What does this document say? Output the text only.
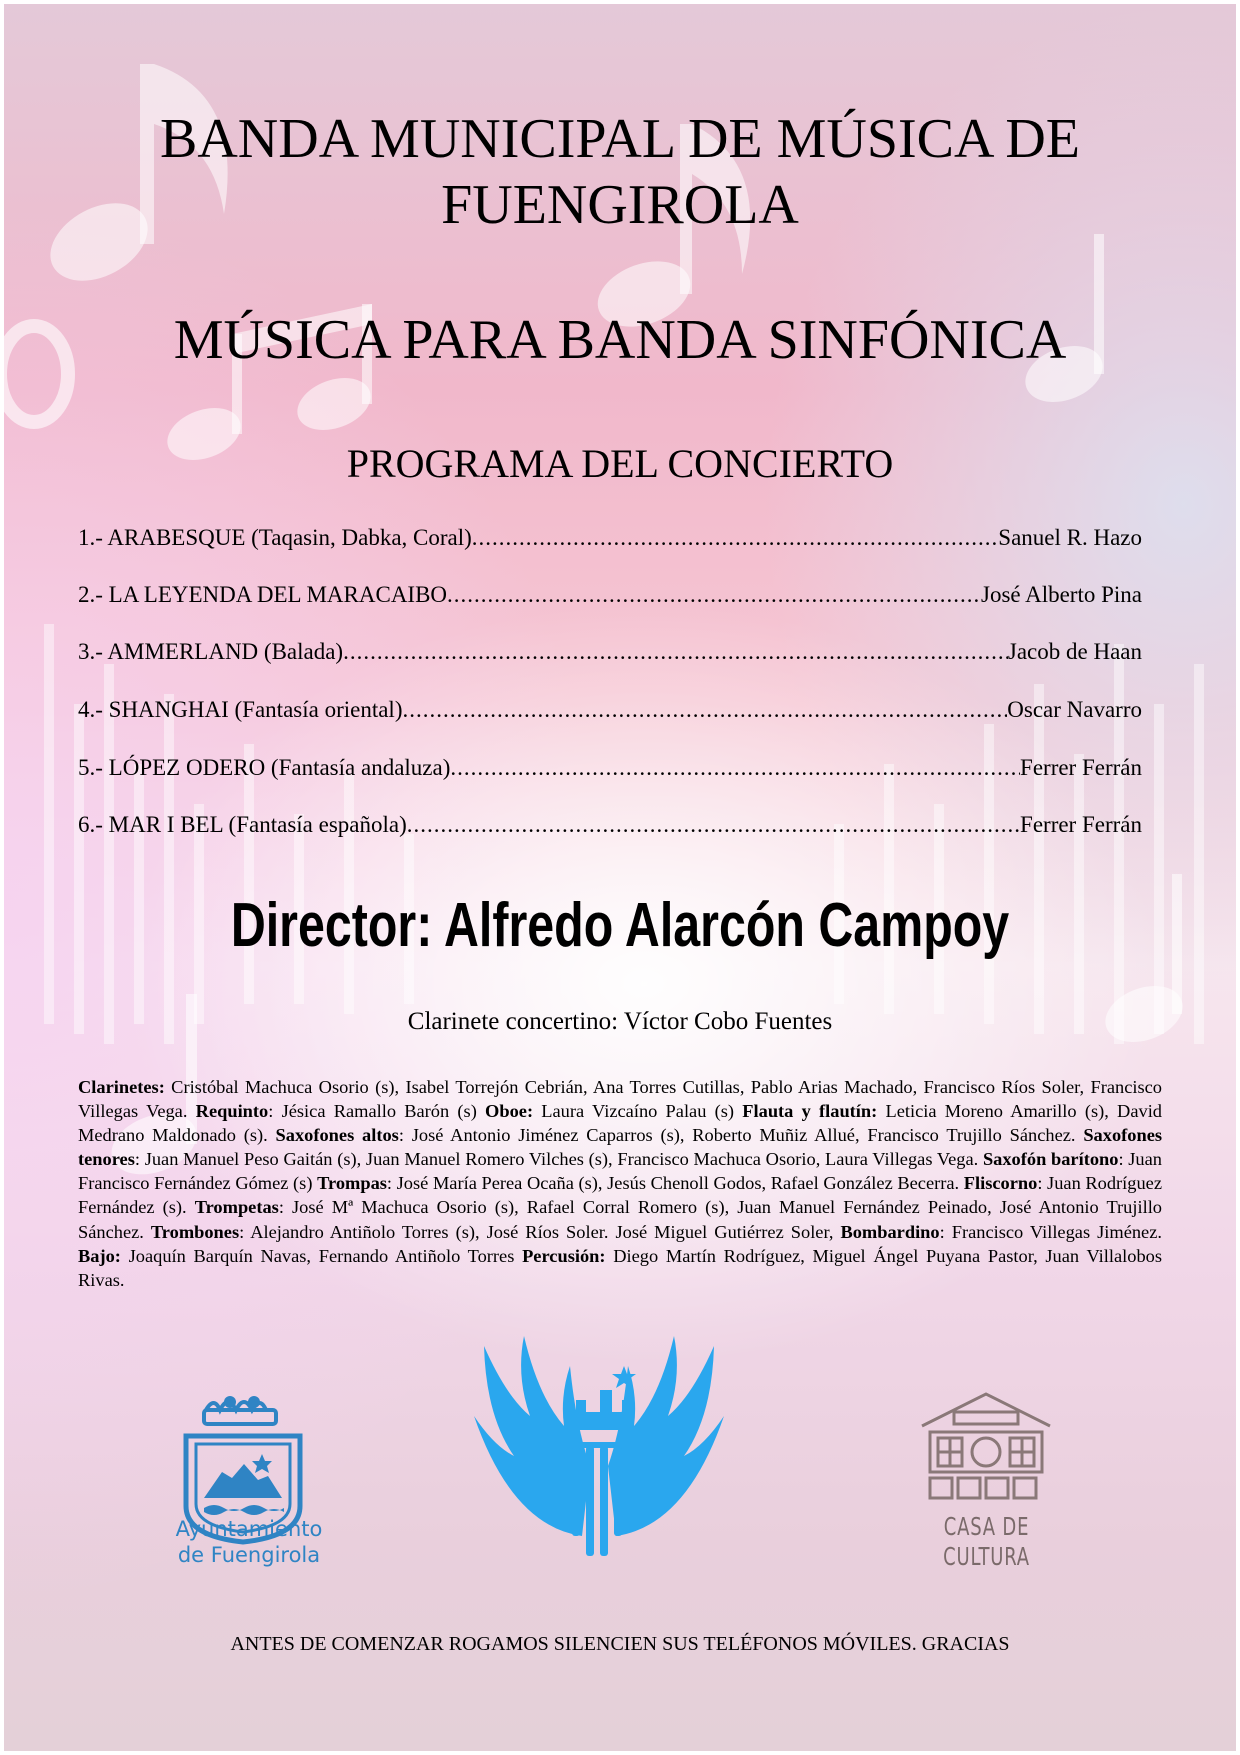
BANDA MUNICIPAL DE MÚSICA DE
FUENGIROLA
MÚSICA PARA BANDA SINFÓNICA
PROGRAMA DEL CONCIERTO
1.- ARABESQUE (Taqasin, Dabka, Coral) .....	Sanuel R. Hazo
2.- LA LEYENDA DEL MARACAIBO .....	José Alberto Pina
3.- AMMERLAND (Balada) .....	Jacob de Haan
4.- SHANGHAI (Fantasía oriental) .....	Oscar Navarro
5.- LÓPEZ ODERO (Fantasía andaluza) .....	Ferrer Ferrán
6.- MAR I BEL (Fantasía española) .....	Ferrer Ferrán
Director: Alfredo Alarcón Campoy
Clarinete concertino: Víctor Cobo Fuentes

Clarinetes: Cristóbal Machuca Osorio (s), Isabel Torrejón Cebrián, Ana Torres Cutillas, Pablo Arias Machado, Francisco Ríos Soler, Francisco Villegas Vega. Requinto: Jésica Ramallo Barón (s) Oboe: Laura Vizcaíno Palau (s) Flauta y flautín: Leticia Moreno Amarillo (s), David Medrano Maldonado (s). Saxofones altos: José Antonio Jiménez Caparros (s), Roberto Muñiz Allué, Francisco Trujillo Sánchez. Saxofones tenores: Juan Manuel Peso Gaitán (s), Juan Manuel Romero Vilches (s), Francisco Machuca Osorio, Laura Villegas Vega. Saxofón barítono: Juan Francisco Fernández Gómez (s) Trompas: José María Perea Ocaña (s), Jesús Chenoll Godos, Rafael González Becerra. Fliscorno: Juan Rodríguez Fernández (s). Trompetas: José Mª Machuca Osorio (s), Rafael Corral Romero (s), Juan Manuel Fernández Peinado, José Antonio Trujillo Sánchez. Trombones: Alejandro Antiñolo Torres (s), José Ríos Soler. José Miguel Gutiérrez Soler, Bombardino: Francisco Villegas Jiménez. Bajo: Joaquín Barquín Navas, Fernando Antiñolo Torres Percusión: Diego Martín Rodríguez, Miguel Ángel Puyana Pastor, Juan Villalobos Rivas.

Ayuntamiento
de Fuengirola
CASA DE CULTURA
ANTES DE COMENZAR ROGAMOS SILENCIEN SUS TELÉFONOS MÓVILES. GRACIAS
